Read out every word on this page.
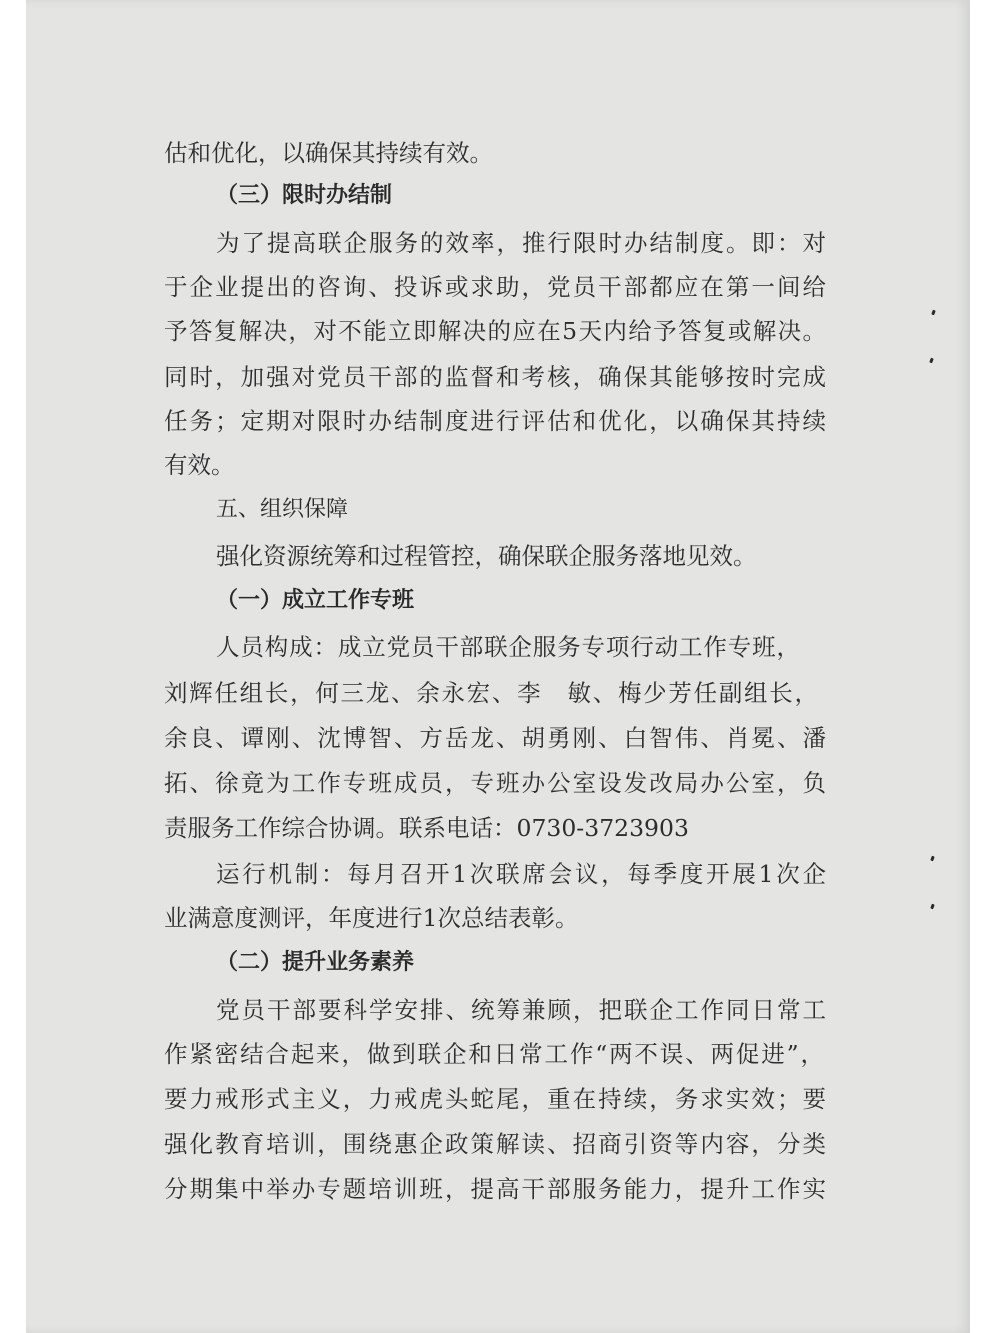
估和优化，以确保其持续有效。
（三）限时办结制
为了提高联企服务的效率，推行限时办结制度。即：对
于企业提出的咨询、投诉或求助，党员干部都应在第一间给
予答复解决，对不能立即解决的应在5天内给予答复或解决。
同时，加强对党员干部的监督和考核，确保其能够按时完成
任务；定期对限时办结制度进行评估和优化，以确保其持续
有效。
五、组织保障
强化资源统筹和过程管控，确保联企服务落地见效。
（一）成立工作专班
人员构成：成立党员干部联企服务专项行动工作专班，
刘辉任组长，何三龙、余永宏、李　敏、梅少芳任副组长，
余良、谭刚、沈博智、方岳龙、胡勇刚、白智伟、肖冕、潘
拓、徐竟为工作专班成员，专班办公室设发改局办公室，负
责服务工作综合协调。联系电话：0730-3723903
运行机制：每月召开1次联席会议，每季度开展1次企
业满意度测评，年度进行1次总结表彰。
（二）提升业务素养
党员干部要科学安排、统筹兼顾，把联企工作同日常工
作紧密结合起来，做到联企和日常工作“两不误、两促进”，
要力戒形式主义，力戒虎头蛇尾，重在持续，务求实效；要
强化教育培训，围绕惠企政策解读、招商引资等内容，分类
分期集中举办专题培训班，提高干部服务能力，提升工作实
